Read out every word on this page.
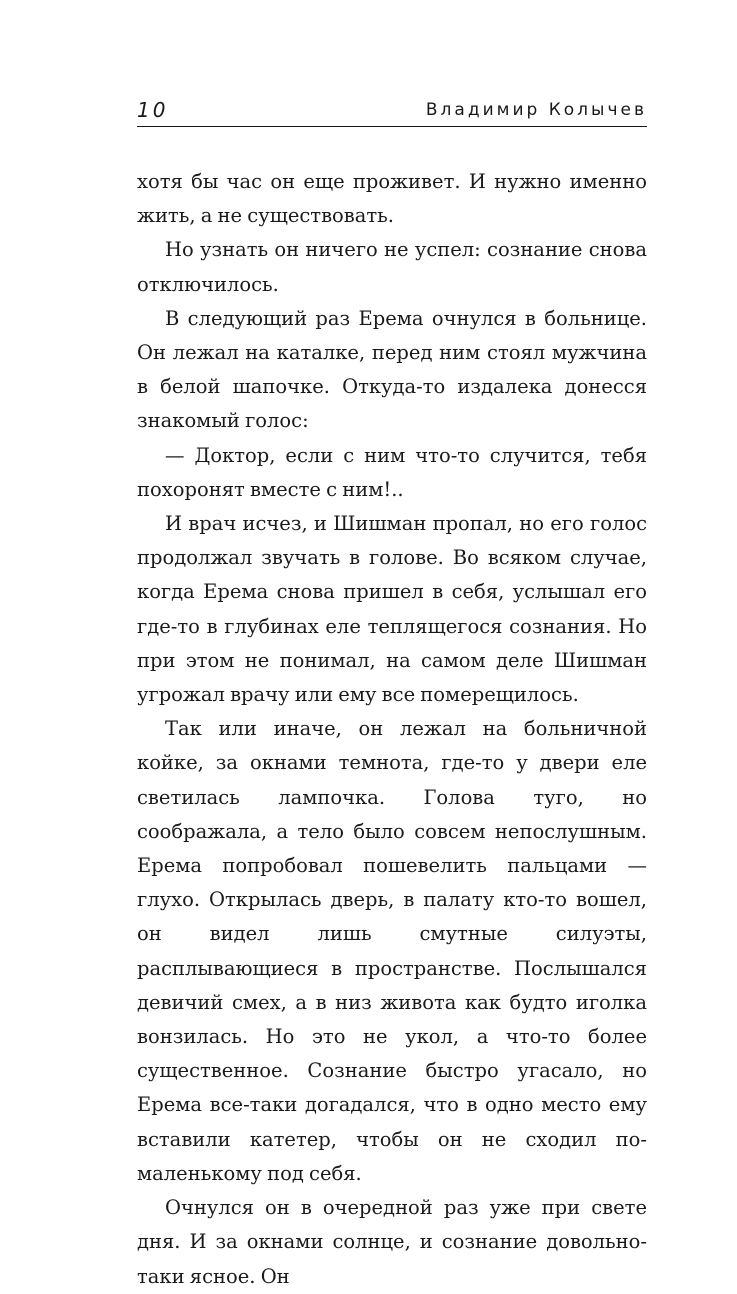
10	Владимир Колычев

хотя бы час он еще проживет. И нужно именно жить, а не существовать.

Но узнать он ничего не успел: сознание снова отключилось.

В следующий раз Ерема очнулся в больнице. Он лежал на каталке, перед ним стоял мужчина в белой шапочке. Откуда-то издалека донесся знакомый голос:

— Доктор, если с ним что-то случится, тебя похоронят вместе с ним!..

И врач исчез, и Шишман пропал, но его голос продолжал звучать в голове. Во всяком случае, когда Ерема снова пришел в себя, услышал его где-то в глубинах еле теплящегося сознания. Но при этом не понимал, на самом деле Шишман угрожал врачу или ему все померещилось.

Так или иначе, он лежал на больничной койке, за окнами темнота, где-то у двери еле светилась лампочка. Голова туго, но соображала, а тело было совсем непослушным. Ерема попробовал пошевелить пальцами — глухо. Открылась дверь, в палату кто-то вошел, он видел лишь смутные силуэты, расплывающиеся в пространстве. Послышался девичий смех, а в низ живота как будто иголка вонзилась. Но это не укол, а что-то более существенное. Сознание быстро угасало, но Ерема все-таки догадался, что в одно место ему вставили катетер, чтобы он не сходил по-маленькому под себя.

Очнулся он в очередной раз уже при свете дня. И за окнами солнце, и сознание довольно-таки ясное. Он
